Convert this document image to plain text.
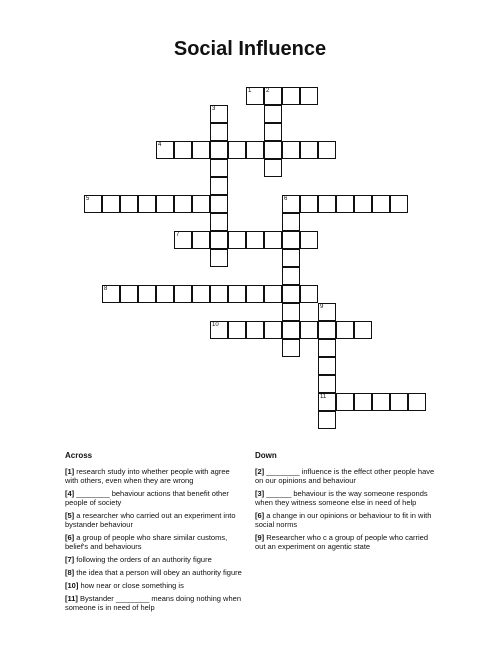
Social Influence
1 2
3
4
5	6
7
8
9
11
10
Across	Down
[1] research study into whether people with agree with others, even when they are wrong
[4] ________ behaviour actions that benefit other people of society
[5] a researcher who carried out an experiment into bystander behaviour
[6] a group of people who share similar customs, belief's and behaviours
[7] following the orders of an authority figure
[8] the idea that a person will obey an authority figure
[10] how near or close something is
[11] Bystander ________ means doing nothing when someone is in need of help
[2] ________ influence is the effect other people have on our opinions and behaviour
[3] ______ behaviour is the way someone responds when they witness someone else in need of help
[6] a change in our opinions or behaviour to fit in with social norms
[9] Researcher who c a group of people who carried out an experiment on agentic state
